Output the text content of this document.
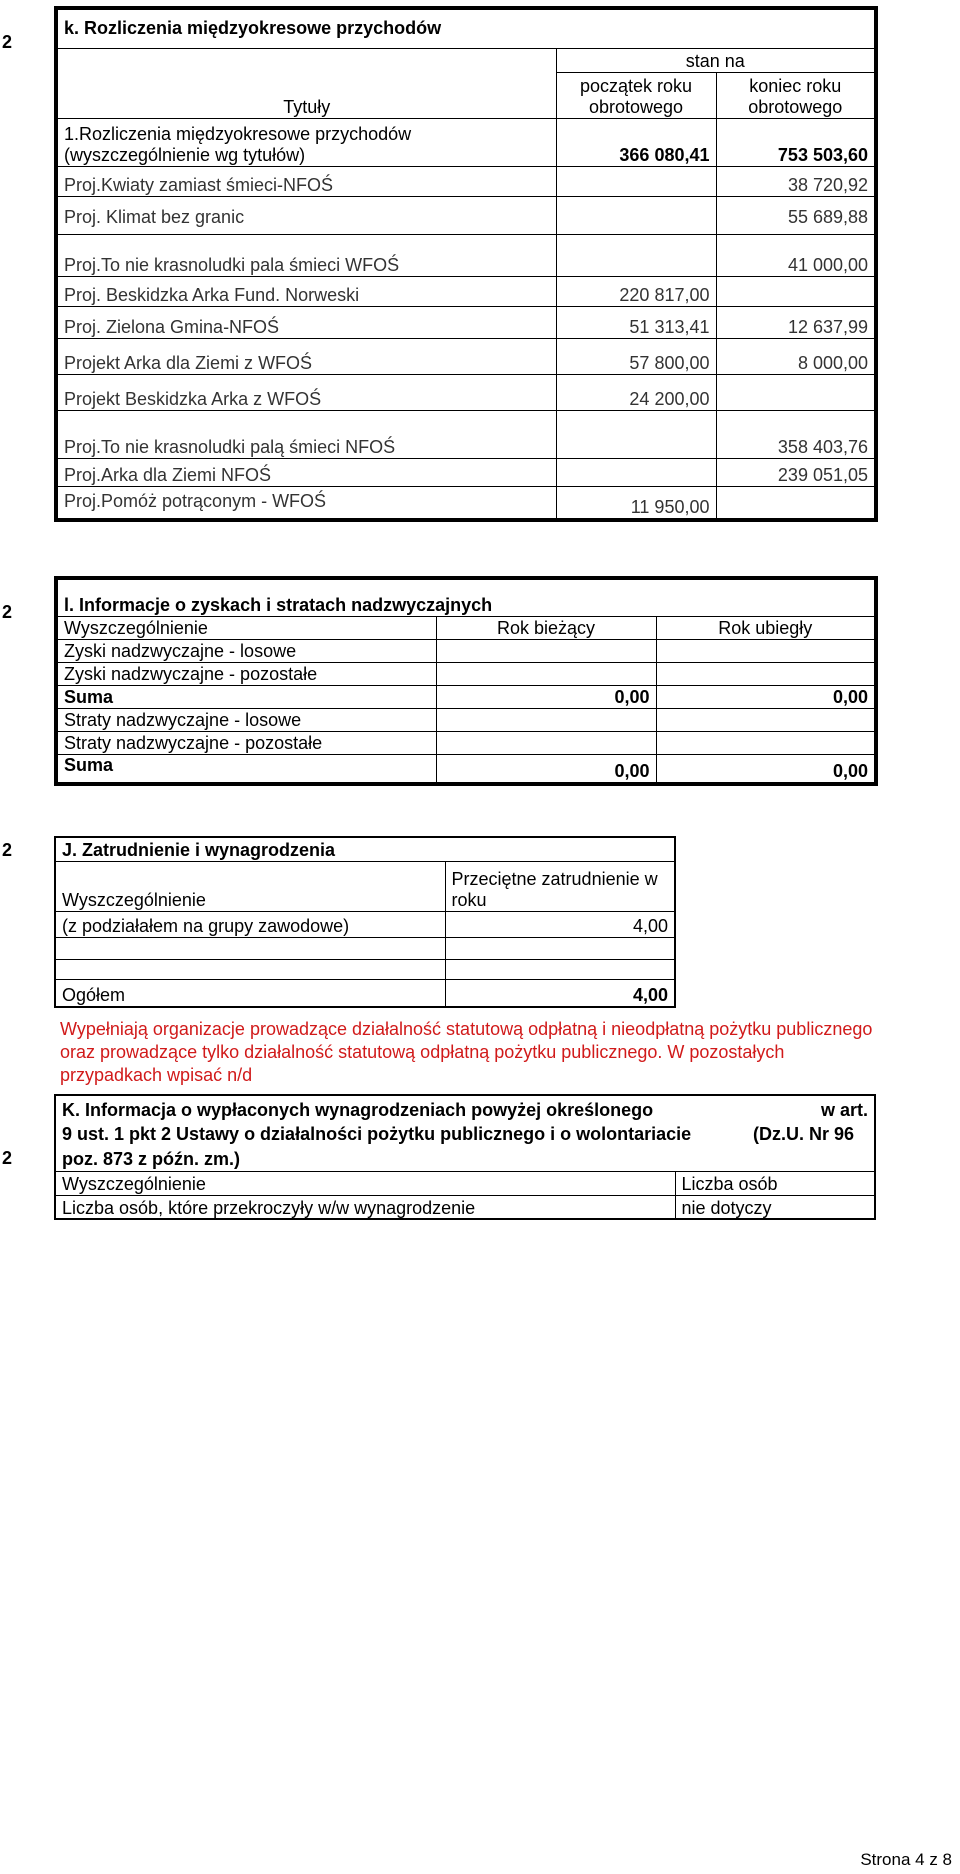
2
k. Rozliczenia międzyokresowe przychodów		
Tytuły	stan na	
	początek roku obrotowego	koniec roku obrotowego
1.Rozliczenia międzyokresowe przychodów (wyszczególnienie wg tytułów)	366 080,41	753 503,60
Proj.Kwiaty zamiast śmieci-NFOŚ		38 720,92
Proj. Klimat bez granic		55 689,88
Proj.To nie krasnoludki pala śmieci WFOŚ		41 000,00
Proj. Beskidzka Arka Fund. Norweski	220 817,00	
Proj. Zielona Gmina-NFOŚ	51 313,41	12 637,99
Projekt Arka dla Ziemi z WFOŚ	57 800,00	8 000,00
Projekt Beskidzka Arka z WFOŚ	24 200,00	
Proj.To nie krasnoludki palą śmieci NFOŚ		358 403,76
Proj.Arka dla Ziemi NFOŚ		239 051,05
Proj.Pomóż potrąconym - WFOŚ	11 950,00	
2	l. Informacje o zyskach i stratach nadzwyczajnych		
Wyszczególnienie	Rok bieżący	Rok ubiegły
Zyski nadzwyczajne - losowe		
Zyski nadzwyczajne - pozostałe		
Suma	0,00	0,00
Straty nadzwyczajne - losowe		
Straty nadzwyczajne - pozostałe		
Suma	0,00	0,00
2	J. Zatrudnienie i wynagrodzenia	
Wyszczególnienie	Przeciętne zatrudnienie w roku
(z podziałałem na grupy zawodowe)	4,00

Ogółem	4,00
Wypełniają organizacje prowadzące działalność statutową odpłatną i nieodpłatną pożytku publicznego oraz prowadzące tylko działalność statutową odpłatną pożytku publicznego. W pozostałych przypadkach wpisać n/d
2
K. Informacja o wypłaconych wynagrodzeniach powyżej określonego w art.
9 ust. 1 pkt 2 Ustawy o działalności pożytku publicznego i o wolontariacie (Dz.U. Nr 96
poz. 873 z późn. zm.)	

Wyszczególnienie	Liczba osób
Liczba osób, które przekroczyły w/w wynagrodzenie	nie dotyczy
Strona 4 z 8
